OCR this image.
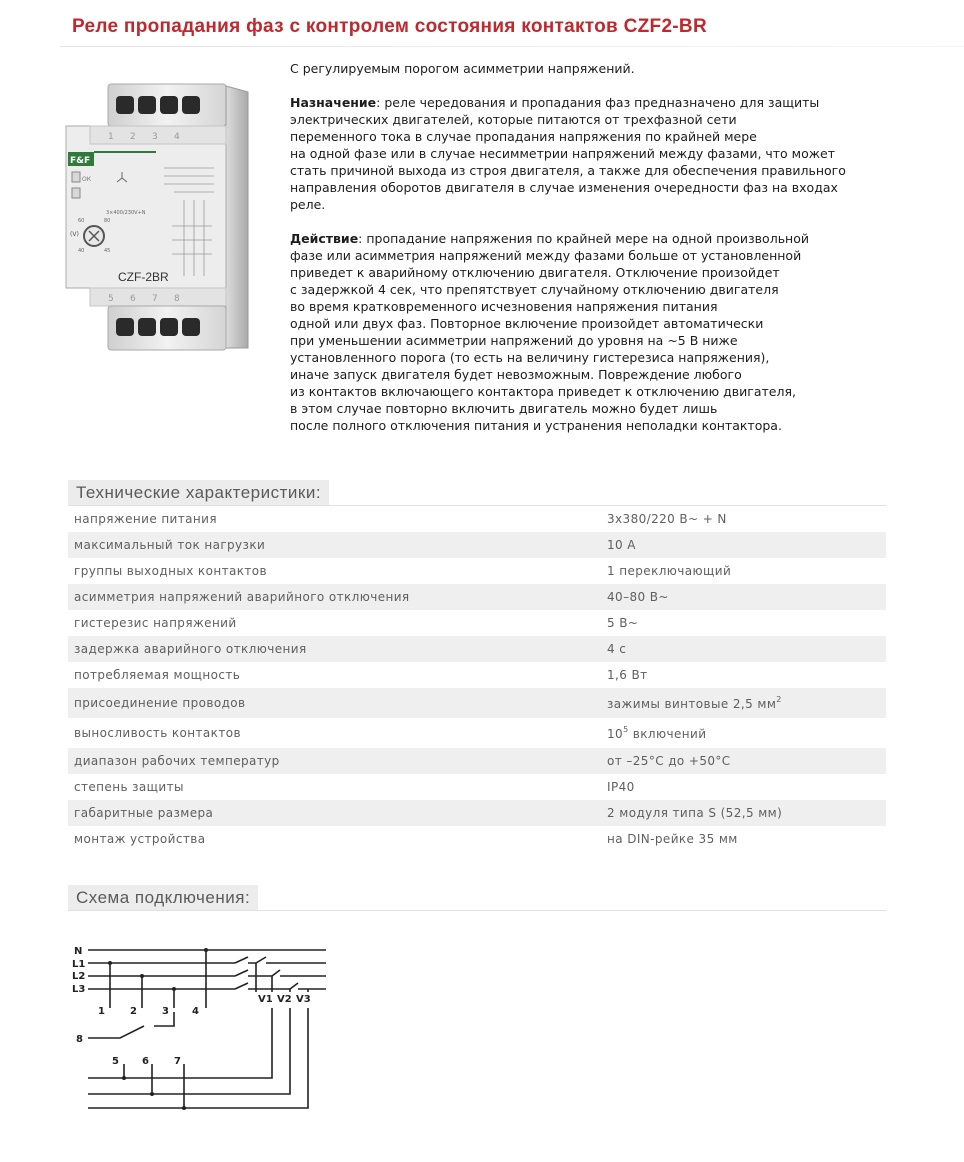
Реле пропадания фаз с контролем состояния контактов CZF2-BR
1 2 3 4
F&F
ОК
(V)
60	80
40	45
3×400/230V+N
CZF-2BR
5 6 7 8

С регулируемым порогом асимметрии напряжений.

Назначение: реле чередования и пропадания фаз предназначено для защиты
электрических двигателей, которые питаются от трехфазной сети
переменного тока в случае пропадания напряжения по крайней мере
на одной фазе или в случае несимметрии напряжений между фазами, что может
стать причиной выхода из строя двигателя, а также для обеспечения правильного
направления оборотов двигателя в случае изменения очередности фаз на входах
реле.

Действие: пропадание напряжения по крайней мере на одной произвольной
фазе или асимметрия напряжений между фазами больше от установленной
приведет к аварийному отключению двигателя. Отключение произойдет
с задержкой 4 сек, что препятствует случайному отключению двигателя
во время кратковременного исчезновения напряжения питания
одной или двух фаз. Повторное включение произойдет автоматически
при уменьшении асимметрии напряжений до уровня на ~5 В ниже
установленного порога (то есть на величину гистерезиса напряжения),
иначе запуск двигателя будет невозможным. Повреждение любого
из контактов включающего контактора приведет к отключению двигателя,
в этом случае повторно включить двигатель можно будет лишь
после полного отключения питания и устранения неполадки контактора.

Технические характеристики:
напряжение питания	3x380/220 В~ + N
максимальный ток нагрузки	10 А
группы выходных контактов	1 переключающий
асимметрия напряжений аварийного отключения	40–80 В~
гистерезис напряжений	5 В~
задержка аварийного отключения	4 с
потребляемая мощность	1,6 Вт
присоединение проводов	зажимы винтовые 2,5 $мм^2$
выносливость контактов	$10^5$ включений
диапазон рабочих температур	от –25°C до +50°C
степень защиты	IP40
габаритные размера	2 модуля типа S (52,5 мм)
монтаж устройства	на DIN-рейке 35 мм
Схема подключения:
N
L1
L2
L3
1	2	3 4
8
5 6	7
V1 V2 V3
